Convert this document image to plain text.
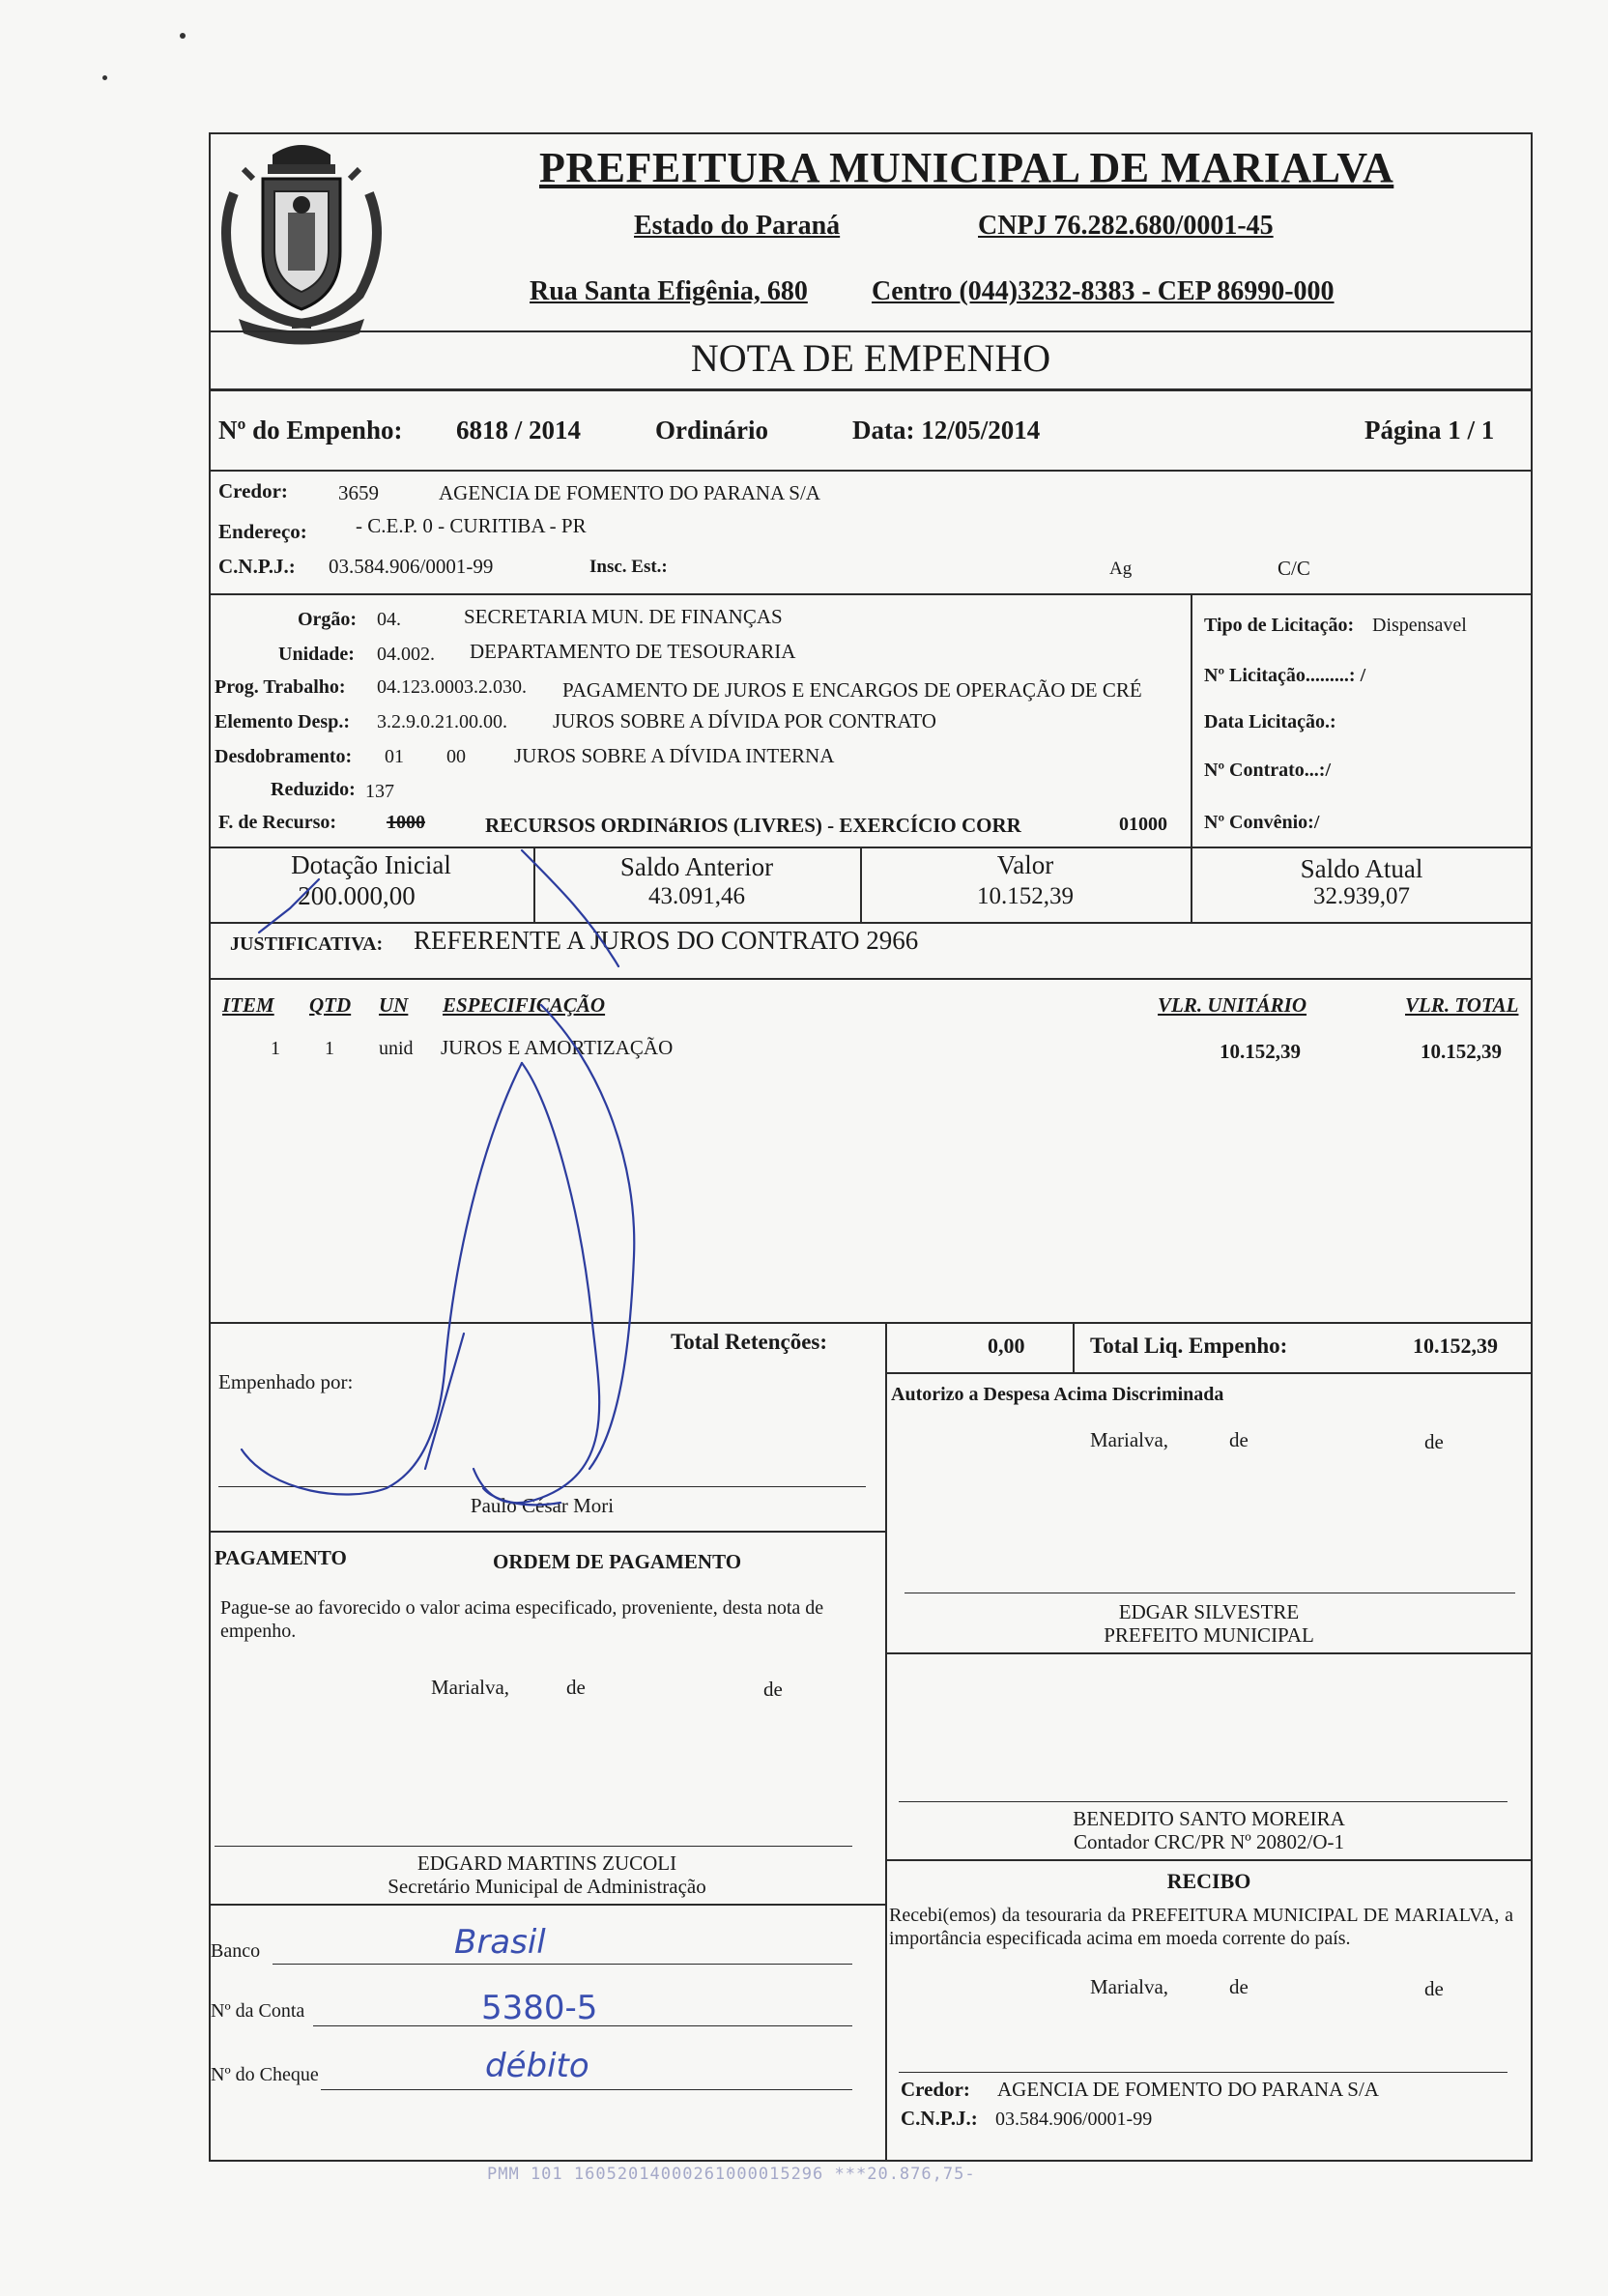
PREFEITURA MUNICIPAL DE MARIALVA
Estado do Paraná	CNPJ 76.282.680/0001-45
Rua Santa Efigênia, 680 Centro (044)3232-8383 - CEP 86990-000
NOTA DE EMPENHO
Nº do Empenho: 6818 / 2014	Ordinário	Data: 12/05/2014	Página 1 / 1
Credor: 3659	AGENCIA DE FOMENTO DO PARANA S/A
Endereço: - C.E.P. 0 - CURITIBA - PR
C.N.P.J.: 03.584.906/0001-99	Insc. Est.:	Ag	C/C
Orgão: 04.	SECRETARIA MUN. DE FINANÇAS
Unidade: 04.002. DEPARTAMENTO DE TESOURARIA
Prog. Trabalho: 04.123.0003.2.030. PAGAMENTO DE JUROS E ENCARGOS DE OPERAÇÃO DE CRÉ
Elemento Desp.: 3.2.9.0.21.00.00. JUROS SOBRE A DÍVIDA POR CONTRATO
Desdobramento: 01 00 JUROS SOBRE A DÍVIDA INTERNA
Reduzido: 137
F. de Recurso:	1000	RECURSOS ORDINáRIOS (LIVRES) - EXERCÍCIO CORR	01000
Tipo de Licitação: Dispensavel
Nº Licitação.........: /
Data Licitação.:
Nº Contrato...:/
Nº Convênio:/
Dotação Inicial
200.000,00
Saldo Anterior
43.091,46
Valor
10.152,39
Saldo Atual
32.939,07
JUSTIFICATIVA: REFERENTE A JUROS DO CONTRATO 2966
ITEM QTD UN ESPECIFICAÇÃO	VLR. UNITÁRIO	VLR. TOTAL
1 1 unid JUROS E AMORTIZAÇÃO	10.152,39	10.152,39
Total Retenções:	0,00	Total Liq. Empenho:	10.152,39
Empenhado por:
Paulo César Mori
Autorizo a Despesa Acima Discriminada
Marialva,	de	de
PAGAMENTO	ORDEM DE PAGAMENTO
Pague-se ao favorecido o valor acima especificado, proveniente, desta nota de empenho.
Marialva,	de	de
EDGAR SILVESTRE
PREFEITO MUNICIPAL
EDGARD MARTINS ZUCOLI
Secretário Municipal de Administração
BENEDITO SANTO MOREIRA
Contador CRC/PR Nº 20802/O-1
RECIBO
Recebi(emos) da tesouraria da PREFEITURA MUNICIPAL DE MARIALVA, a importância especificada acima em moeda corrente do país.
Marialva,	de	de
Credor: AGENCIA DE FOMENTO DO PARANA S/A
C.N.P.J.: 03.584.906/0001-99
Banco	Brasil
Nº da Conta	5380-5
Nº do Cheque	débito
PMM 101 16052014000261000015296 ***20.876,75-
